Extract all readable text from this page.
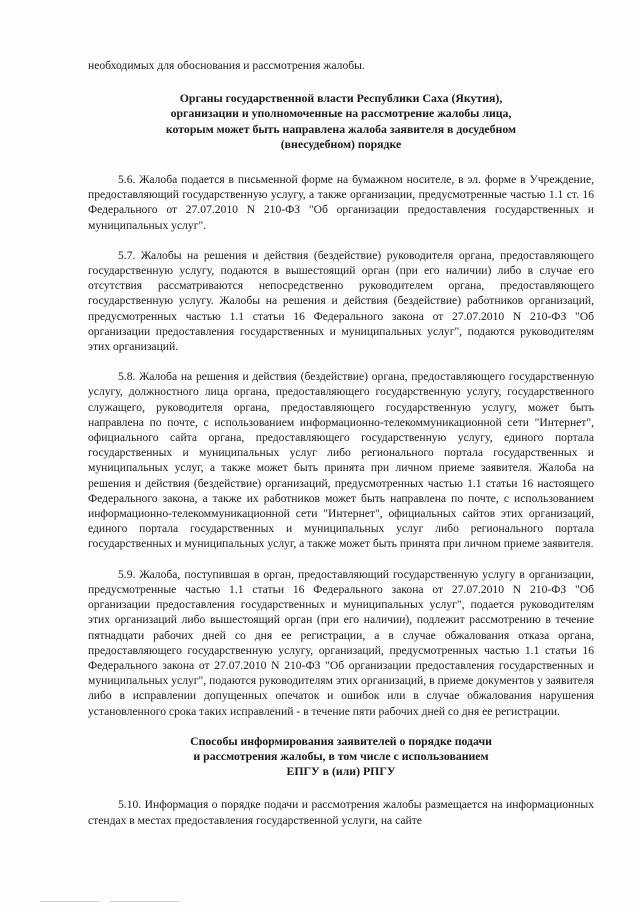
необходимых для обоснования и рассмотрения жалобы.

Органы государственной власти Республики Саха (Якутия),
организации и уполномоченные на рассмотрение жалобы лица,
которым может быть направлена жалоба заявителя в досудебном
(внесудебном) порядке

5.6. Жалоба подается в письменной форме на бумажном носителе, в эл. форме в Учреждение, предоставляющий государственную услугу, а также организации, предусмотренные частью 1.1 ст. 16 Федерального от 27.07.2010 N 210-ФЗ "Об организации предоставления государственных и муниципальных услуг".

5.7. Жалобы на решения и действия (бездействие) руководителя органа, предоставляющего государственную услугу, подаются в вышестоящий орган (при его наличии) либо в случае его отсутствия рассматриваются непосредственно руководителем органа, предоставляющего государственную услугу. Жалобы на решения и действия (бездействие) работников организаций, предусмотренных частью 1.1 статьи 16 Федерального закона от 27.07.2010 N 210-ФЗ "Об организации предоставления государственных и муниципальных услуг", подаются руководителям этих организаций.

5.8. Жалоба на решения и действия (бездействие) органа, предоставляющего государственную услугу, должностного лица органа, предоставляющего государственную услугу, государственного служащего, руководителя органа, предоставляющего государственную услугу, может быть направлена по почте, с использованием информационно-телекоммуникационной сети "Интернет", официального сайта органа, предоставляющего государственную услугу, единого портала государственных и муниципальных услуг либо регионального портала государственных и муниципальных услуг, а также может быть принята при личном приеме заявителя. Жалоба на решения и действия (бездействие) организаций, предусмотренных частью 1.1 статьи 16 настоящего Федерального закона, а также их работников может быть направлена по почте, с использованием информационно-телекоммуникационной сети "Интернет", официальных сайтов этих организаций, единого портала государственных и муниципальных услуг либо регионального портала государственных и муниципальных услуг, а также может быть принята при личном приеме заявителя.

5.9. Жалоба, поступившая в орган, предоставляющий государственную услугу в организации, предусмотренные частью 1.1 статьи 16 Федерального закона от 27.07.2010 N 210-ФЗ "Об организации предоставления государственных и муниципальных услуг", подается руководителям этих организаций либо вышестоящий орган (при его наличии), подлежит рассмотрению в течение пятнадцати рабочих дней со дня ее регистрации, а в случае обжалования отказа органа, предоставляющего государственную услугу, организаций, предусмотренных частью 1.1 статьи 16 Федерального закона от 27.07.2010 N 210-ФЗ "Об организации предоставления государственных и муниципальных услуг", подаются руководителям этих организаций, в приеме документов у заявителя либо в исправлении допущенных опечаток и ошибок или в случае обжалования нарушения установленного срока таких исправлений - в течение пяти рабочих дней со дня ее регистрации.

Способы информирования заявителей о порядке подачи
и рассмотрения жалобы, в том числе с использованием
ЕПГУ в (или) РПГУ

5.10. Информация о порядке подачи и рассмотрения жалобы размещается на информационных стендах в местах предоставления государственной услуги, на сайте
